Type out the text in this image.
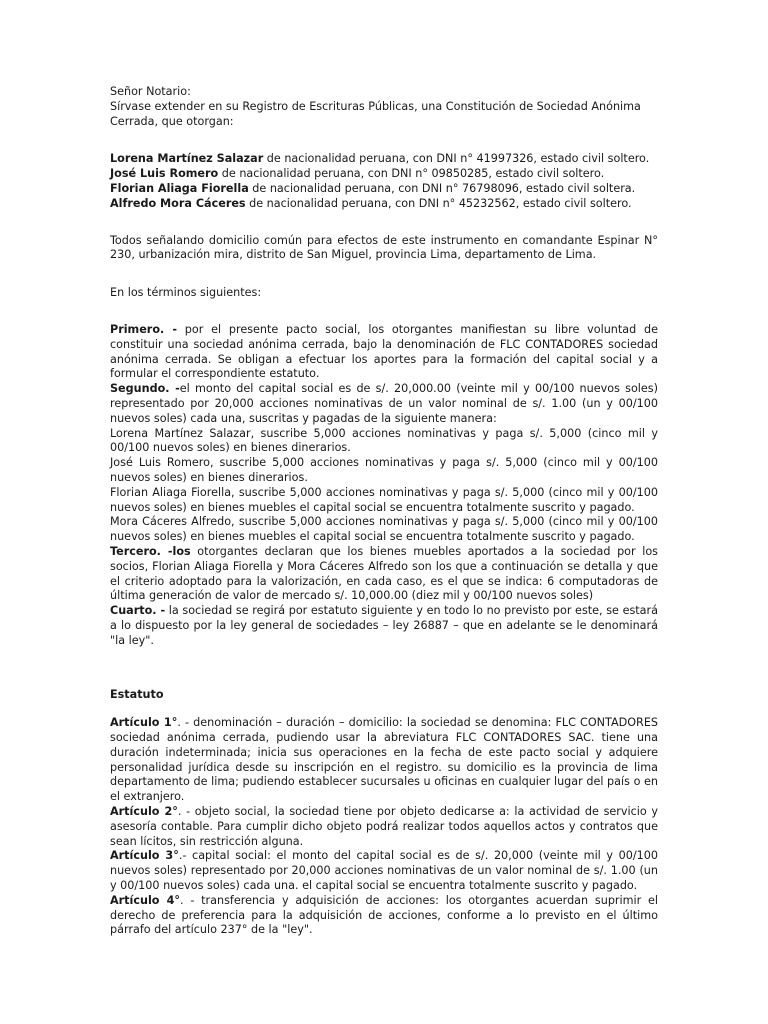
Señor Notario:

Sírvase extender en su Registro de Escrituras Públicas, una Constitución de Sociedad Anónima Cerrada, que otorgan:

Lorena Martínez Salazar de nacionalidad peruana, con DNI n° 41997326, estado civil soltero.

José Luis Romero de nacionalidad peruana, con DNI n° 09850285, estado civil soltero.

Florian Aliaga Fiorella de nacionalidad peruana, con DNI n° 76798096, estado civil soltera.

Alfredo Mora Cáceres de nacionalidad peruana, con DNI n° 45232562, estado civil soltero.

Todos señalando domicilio común para efectos de este instrumento en comandante Espinar N° 230, urbanización mira, distrito de San Miguel, provincia Lima, departamento de Lima.

En los términos siguientes:

Primero. - por el presente pacto social, los otorgantes manifiestan su libre voluntad de constituir una sociedad anónima cerrada, bajo la denominación de FLC CONTADORES sociedad anónima cerrada. Se obligan a efectuar los aportes para la formación del capital social y a formular el correspondiente estatuto.

Segundo. -el monto del capital social es de s/. 20,000.00 (veinte mil y 00/100 nuevos soles) representado por 20,000 acciones nominativas de un valor nominal de s/. 1.00 (un y 00/100 nuevos soles) cada una, suscritas y pagadas de la siguiente manera:

Lorena Martínez Salazar, suscribe 5,000 acciones nominativas y paga s/. 5,000 (cinco mil y 00/100 nuevos soles) en bienes dinerarios.

José Luis Romero, suscribe 5,000 acciones nominativas y paga s/. 5,000 (cinco mil y 00/100 nuevos soles) en bienes dinerarios.

Florian Aliaga Fiorella, suscribe 5,000 acciones nominativas y paga s/. 5,000 (cinco mil y 00/100 nuevos soles) en bienes muebles el capital social se encuentra totalmente suscrito y pagado.

Mora Cáceres Alfredo, suscribe 5,000 acciones nominativas y paga s/. 5,000 (cinco mil y 00/100 nuevos soles) en bienes muebles el capital social se encuentra totalmente suscrito y pagado.

Tercero. -los otorgantes declaran que los bienes muebles aportados a la sociedad por los socios, Florian Aliaga Fiorella y Mora Cáceres Alfredo son los que a continuación se detalla y que el criterio adoptado para la valorización, en cada caso, es el que se indica: 6 computadoras de última generación de valor de mercado s/. 10,000.00 (diez mil y 00/100 nuevos soles)

Cuarto. - la sociedad se regirá por estatuto siguiente y en todo lo no previsto por este, se estará a lo dispuesto por la ley general de sociedades – ley 26887 – que en adelante se le denominará "la ley".

Estatuto

Artículo 1°. - denominación – duración – domicilio: la sociedad se denomina: FLC CONTADORES sociedad anónima cerrada, pudiendo usar la abreviatura FLC CONTADORES SAC. tiene una duración indeterminada; inicia sus operaciones en la fecha de este pacto social y adquiere personalidad jurídica desde su inscripción en el registro. su domicilio es la provincia de lima departamento de lima; pudiendo establecer sucursales u oficinas en cualquier lugar del país o en el extranjero.

Artículo 2°. - objeto social, la sociedad tiene por objeto dedicarse a: la actividad de servicio y asesoría contable. Para cumplir dicho objeto podrá realizar todos aquellos actos y contratos que sean lícitos, sin restricción alguna.

Artículo 3°.- capital social: el monto del capital social es de s/. 20,000 (veinte mil y 00/100 nuevos soles) representado por 20,000 acciones nominativas de un valor nominal de s/. 1.00 (un y 00/100 nuevos soles) cada una. el capital social se encuentra totalmente suscrito y pagado.

Artículo 4°. - transferencia y adquisición de acciones: los otorgantes acuerdan suprimir el derecho de preferencia para la adquisición de acciones, conforme a lo previsto en el último párrafo del artículo 237° de la "ley".
